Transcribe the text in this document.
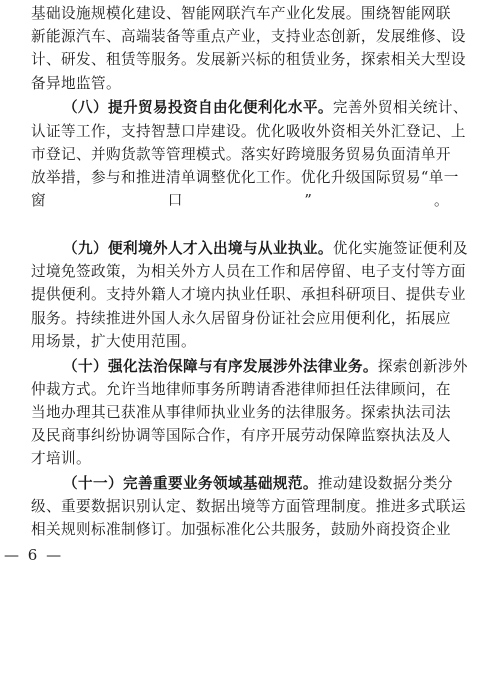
基础设施规模化建设、智能网联汽车产业化发展。围绕智能网联
新能源汽车、高端装备等重点产业，支持业态创新，发展维修、设
计、研发、租赁等服务。发展新兴标的租赁业务，探索相关大型设
备异地监管。
（八）提升贸易投资自由化便利化水平。完善外贸相关统计、
认证等工作，支持智慧口岸建设。优化吸收外资相关外汇登记、上
市登记、并购货款等管理模式。落实好跨境服务贸易负面清单开
放举措，参与和推进清单调整优化工作。优化升级国际贸易“单一
窗口”。
（九）便利境外人才入出境与从业执业。优化实施签证便利及
过境免签政策，为相关外方人员在工作和居停留、电子支付等方面
提供便利。支持外籍人才境内执业任职、承担科研项目、提供专业
服务。持续推进外国人永久居留身份证社会应用便利化，拓展应
用场景，扩大使用范围。
（十）强化法治保障与有序发展涉外法律业务。探索创新涉外
仲裁方式。允许当地律师事务所聘请香港律师担任法律顾问，在
当地办理其已获准从事律师执业业务的法律服务。探索执法司法
及民商事纠纷协调等国际合作，有序开展劳动保障监察执法及人
才培训。
（十一）完善重要业务领域基础规范。推动建设数据分类分
级、重要数据识别认定、数据出境等方面管理制度。推进多式联运
相关规则标准制修订。加强标准化公共服务，鼓励外商投资企业
— 6 —
